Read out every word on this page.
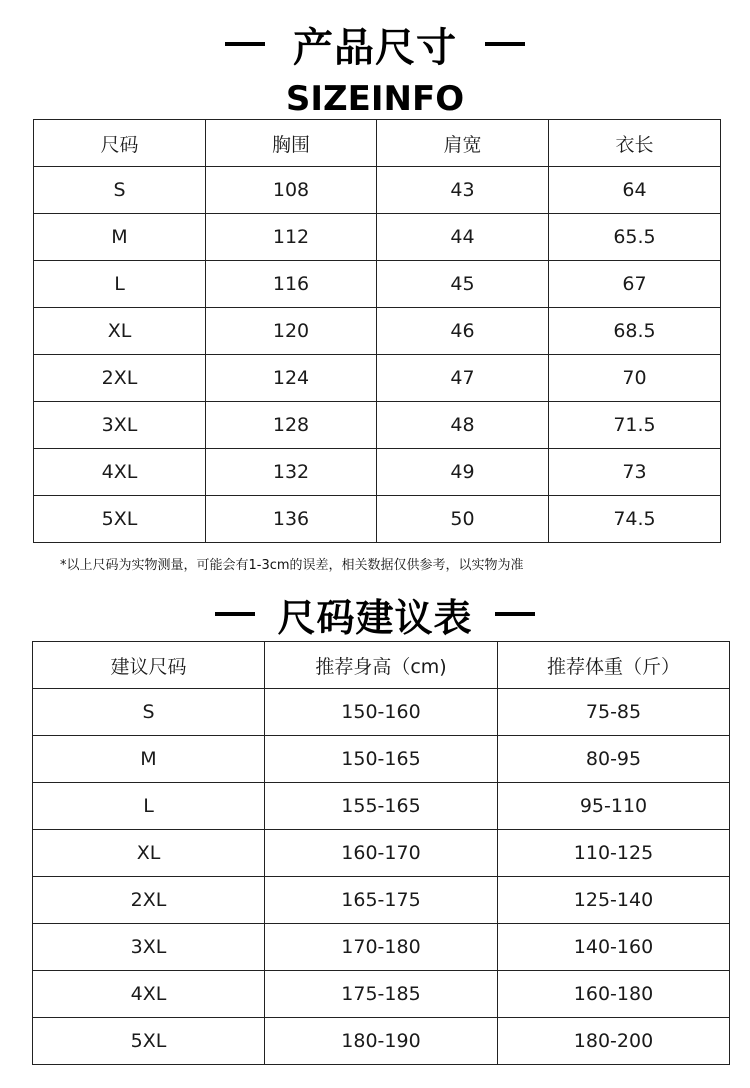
产品尺寸
SIZEINFO
尺码	胸围	肩宽	衣长
S	108	43	64
M	112	44	65.5
L	116	45	67
XL	120	46	68.5
2XL	124	47	70
3XL	128	48	71.5
4XL	132	49	73
5XL	136	50	74.5
*以上尺码为实物测量，可能会有1-3cm的误差，相关数据仅供参考，以实物为准
尺码建议表
建议尺码	推荐身高（cm)	推荐体重（斤）
S	150-160	75-85
M	150-165	80-95
L	155-165	95-110
XL	160-170	110-125
2XL	165-175	125-140
3XL	170-180	140-160
4XL	175-185	160-180
5XL	180-190	180-200
